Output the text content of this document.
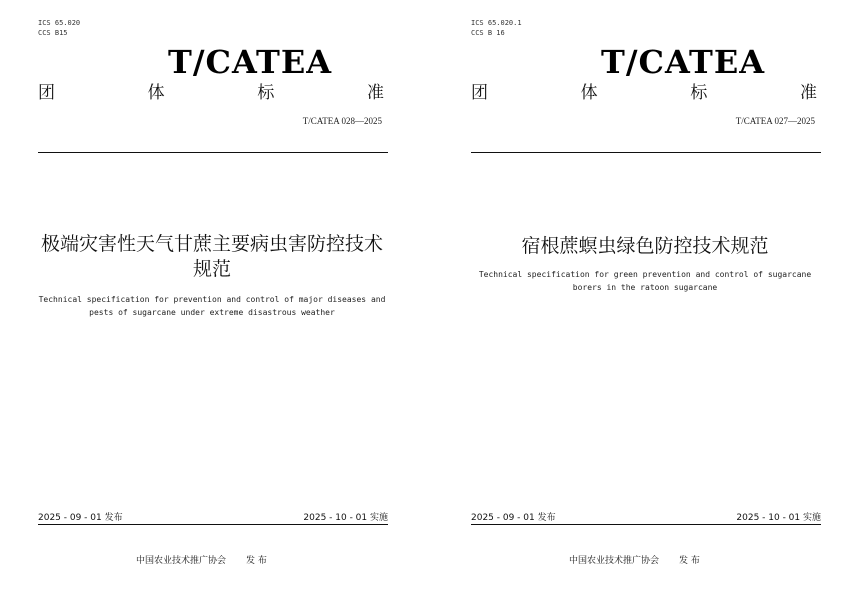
ICS 65.020
CCS B15
T/CATEA
团	体	标	准
T/CATEA 028—2025
极端灾害性天气甘蔗主要病虫害防控技术
规范
Technical specification for prevention and control of major diseases and
pests of sugarcane under extreme disastrous weather
2025 - 09 - 01 发布	2025 - 10 - 01 实施
中国农业技术推广协会 发 布
ICS 65.020.1
CCS B 16
T/CATEA
团	体	标	准
T/CATEA 027—2025
宿根蔗螟虫绿色防控技术规范
Technical specification for green prevention and control of sugarcane
borers in the ratoon sugarcane
2025 - 09 - 01 发布	2025 - 10 - 01 实施
中国农业技术推广协会 发 布
